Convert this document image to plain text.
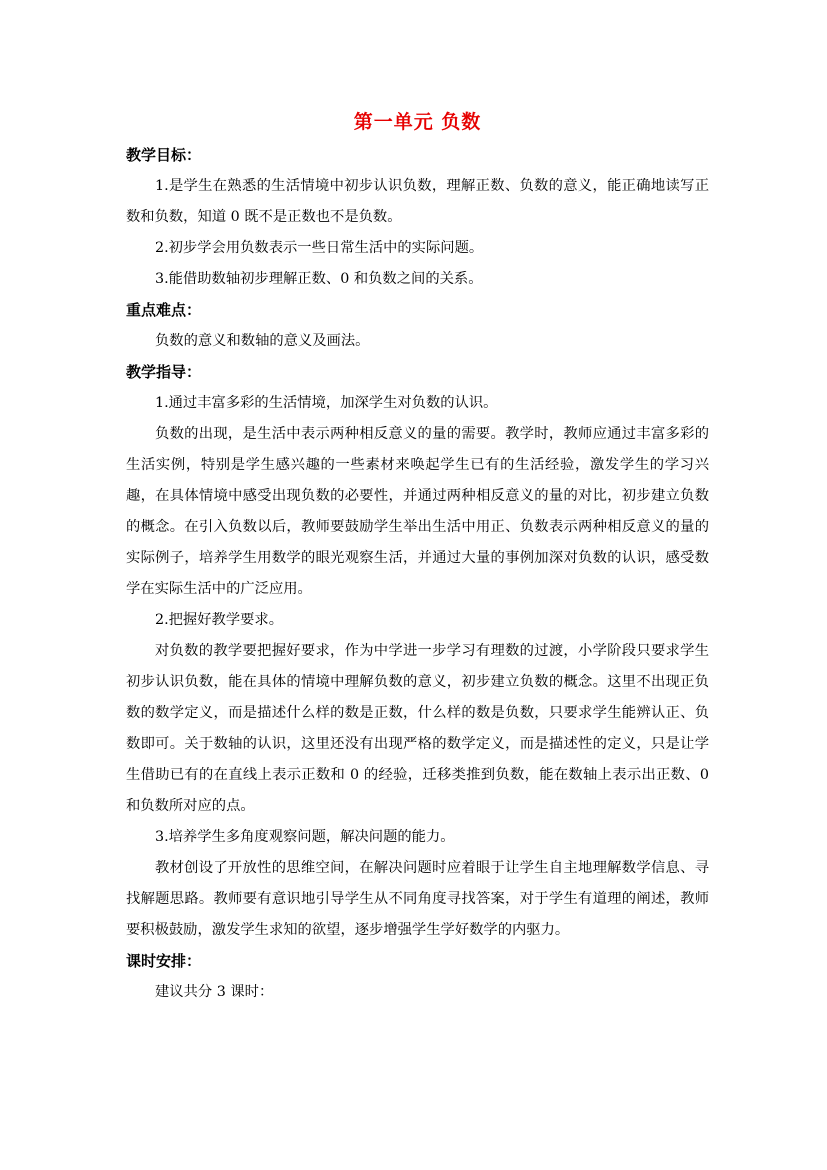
第一单元 负数

教学目标：

1.是学生在熟悉的生活情境中初步认识负数，理解正数、负数的意义，能正确地读写正数和负数，知道 0 既不是正数也不是负数。

2.初步学会用负数表示一些日常生活中的实际问题。

3.能借助数轴初步理解正数、0 和负数之间的关系。

重点难点：

负数的意义和数轴的意义及画法。

教学指导：

1.通过丰富多彩的生活情境，加深学生对负数的认识。

负数的出现，是生活中表示两种相反意义的量的需要。教学时，教师应通过丰富多彩的生活实例，特别是学生感兴趣的一些素材来唤起学生已有的生活经验，激发学生的学习兴趣，在具体情境中感受出现负数的必要性，并通过两种相反意义的量的对比，初步建立负数的概念。在引入负数以后，教师要鼓励学生举出生活中用正、负数表示两种相反意义的量的实际例子，培养学生用数学的眼光观察生活，并通过大量的事例加深对负数的认识，感受数学在实际生活中的广泛应用。

2.把握好教学要求。

对负数的教学要把握好要求，作为中学进一步学习有理数的过渡，小学阶段只要求学生初步认识负数，能在具体的情境中理解负数的意义，初步建立负数的概念。这里不出现正负数的数学定义，而是描述什么样的数是正数，什么样的数是负数，只要求学生能辨认正、负数即可。关于数轴的认识，这里还没有出现严格的数学定义，而是描述性的定义，只是让学生借助已有的在直线上表示正数和 0 的经验，迁移类推到负数，能在数轴上表示出正数、0 和负数所对应的点。

3.培养学生多角度观察问题，解决问题的能力。

教材创设了开放性的思维空间，在解决问题时应着眼于让学生自主地理解数学信息、寻找解题思路。教师要有意识地引导学生从不同角度寻找答案，对于学生有道理的阐述，教师要积极鼓励，激发学生求知的欲望，逐步增强学生学好数学的内驱力。

课时安排：

建议共分 3 课时：
